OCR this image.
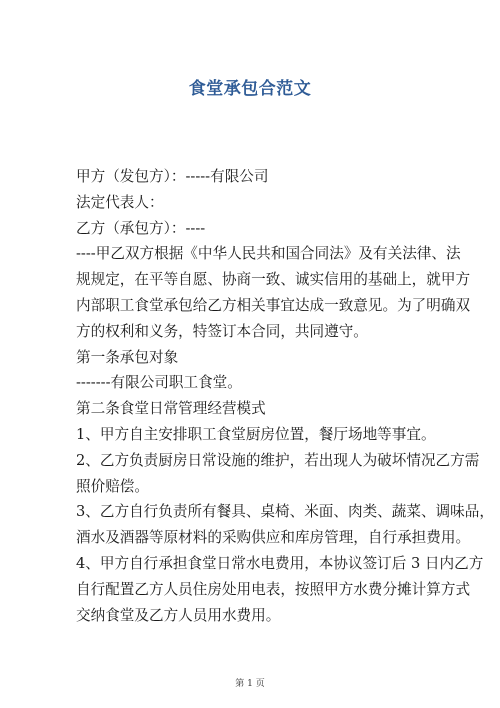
食堂承包合范文

甲方（发包方）：-----有限公司

法定代表人：

乙方（承包方）：----

----甲乙双方根据《中华人民共和国合同法》及有关法律、法

规规定，在平等自愿、协商一致、诚实信用的基础上，就甲方

内部职工食堂承包给乙方相关事宜达成一致意见。为了明确双

方的权利和义务，特签订本合同，共同遵守。

第一条承包对象

-------有限公司职工食堂。

第二条食堂日常管理经营模式

1、甲方自主安排职工食堂厨房位置，餐厅场地等事宜。

2、乙方负责厨房日常设施的维护，若出现人为破坏情况乙方需

照价赔偿。

3、乙方自行负责所有餐具、桌椅、米面、肉类、蔬菜、调味品，

酒水及酒器等原材料的采购供应和库房管理，自行承担费用。

4、甲方自行承担食堂日常水电费用，本协议签订后 3 日内乙方

自行配置乙方人员住房处用电表，按照甲方水费分摊计算方式

交纳食堂及乙方人员用水费用。

第 1 页
